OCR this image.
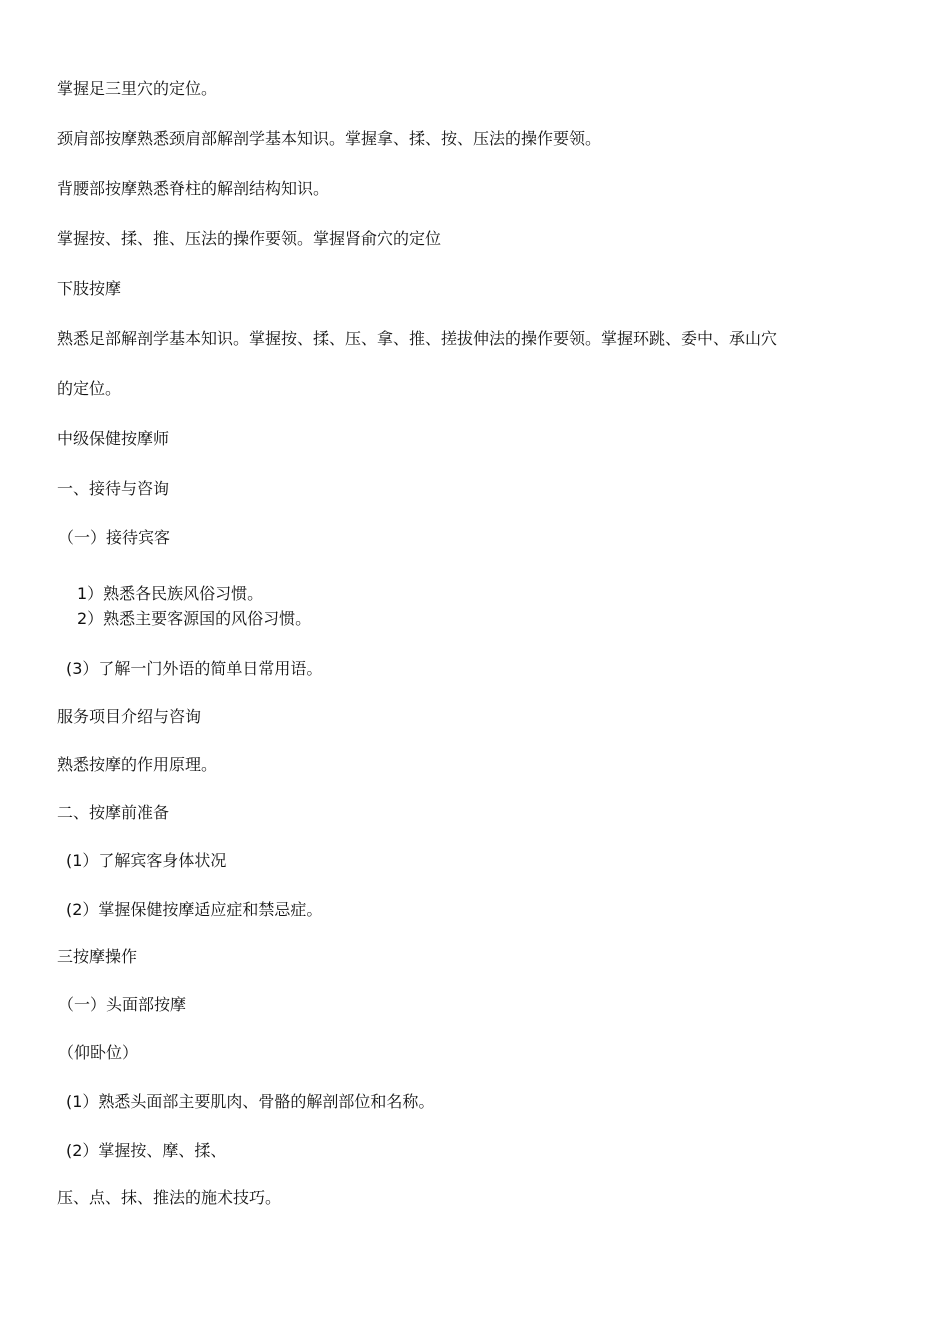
掌握足三里穴的定位。

颈肩部按摩熟悉颈肩部解剖学基本知识。掌握拿、揉、按、压法的操作要领。

背腰部按摩熟悉脊柱的解剖结构知识。

掌握按、揉、推、压法的操作要领。掌握肾俞穴的定位

下肢按摩

熟悉足部解剖学基本知识。掌握按、揉、压、拿、推、搓拔伸法的操作要领。掌握环跳、委中、承山穴

的定位。

中级保健按摩师

一、接待与咨询

（一）接待宾客

1）熟悉各民族风俗习惯。

2）熟悉主要客源国的风俗习惯。

(3）了解一门外语的简单日常用语。

服务项目介绍与咨询

熟悉按摩的作用原理。

二、按摩前准备

(1）了解宾客身体状况

(2）掌握保健按摩适应症和禁忌症。

三按摩操作

（一）头面部按摩

（仰卧位）

(1）熟悉头面部主要肌肉、骨骼的解剖部位和名称。

(2）掌握按、摩、揉、

压、点、抹、推法的施术技巧。
